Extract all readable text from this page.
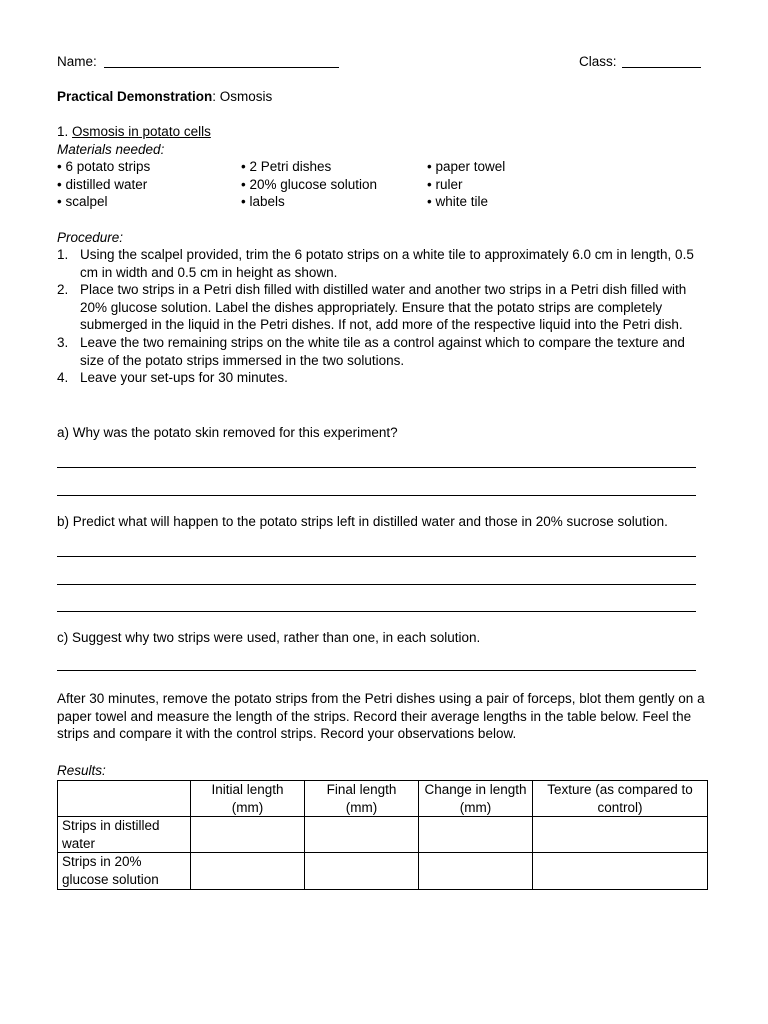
Name:	Class:
Practical Demonstration: Osmosis
1. Osmosis in potato cells
Materials needed:
• 6 potato strips
• distilled water
• scalpel
• 2 Petri dishes
• 20% glucose solution
• labels
• paper towel
• ruler
• white tile
Procedure:
1. Using the scalpel provided, trim the 6 potato strips on a white tile to approximately 6.0 cm in length, 0.5 cm in width and 0.5 cm in height as shown.
2. Place two strips in a Petri dish filled with distilled water and another two strips in a Petri dish filled with 20% glucose solution. Label the dishes appropriately. Ensure that the potato strips are completely submerged in the liquid in the Petri dishes. If not, add more of the respective liquid into the Petri dish.
3. Leave the two remaining strips on the white tile as a control against which to compare the texture and size of the potato strips immersed in the two solutions.
4. Leave your set-ups for 30 minutes.
a) Why was the potato skin removed for this experiment?
b) Predict what will happen to the potato strips left in distilled water and those in 20% sucrose solution.
c) Suggest why two strips were used, rather than one, in each solution.
After 30 minutes, remove the potato strips from the Petri dishes using a pair of forceps, blot them gently on a paper towel and measure the length of the strips. Record their average lengths in the table below. Feel the strips and compare it with the control strips. Record your observations below.
Results:
	Initial length (mm)	Final length (mm)	Change in length (mm)	Texture (as compared to control)
Strips in distilled water				
Strips in 20% glucose solution				
